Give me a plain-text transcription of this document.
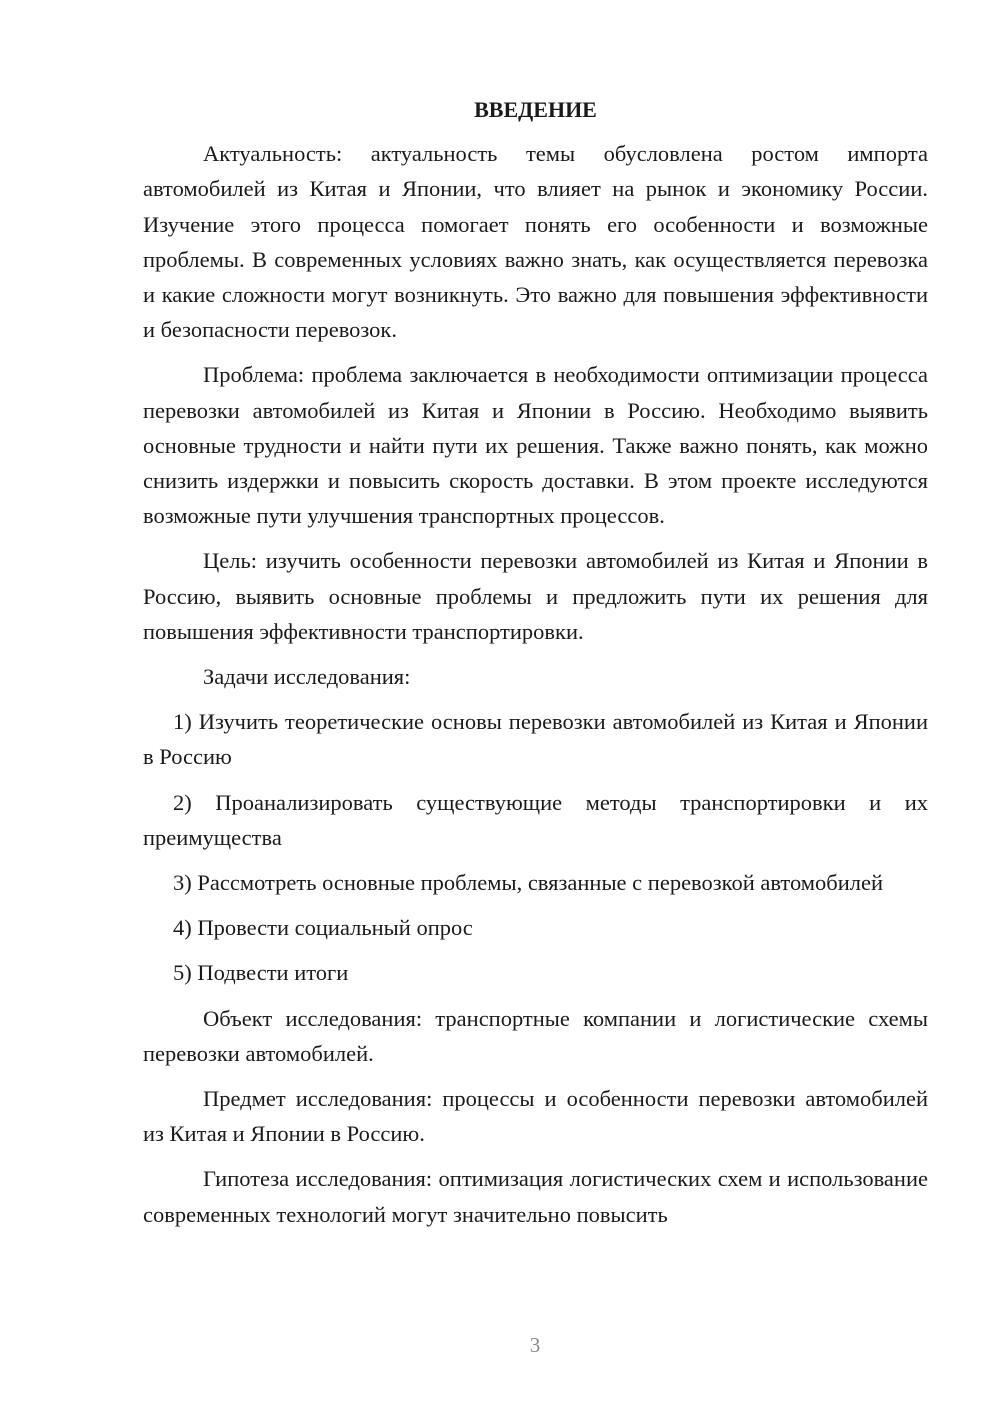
ВВЕДЕНИЕ

Актуальность: актуальность темы обусловлена ростом импорта автомобилей из Китая и Японии, что влияет на рынок и экономику России. Изучение этого процесса помогает понять его особенности и возможные проблемы. В современных условиях важно знать, как осуществляется перевозка и какие сложности могут возникнуть. Это важно для повышения эффективности и безопасности перевозок.

Проблема: проблема заключается в необходимости оптимизации процесса перевозки автомобилей из Китая и Японии в Россию. Необходимо выявить основные трудности и найти пути их решения. Также важно понять, как можно снизить издержки и повысить скорость доставки. В этом проекте исследуются возможные пути улучшения транспортных процессов.

Цель: изучить особенности перевозки автомобилей из Китая и Японии в Россию, выявить основные проблемы и предложить пути их решения для повышения эффективности транспортировки.

Задачи исследования:

1) Изучить теоретические основы перевозки автомобилей из Китая и Японии в Россию

2) Проанализировать существующие методы транспортировки и их преимущества

3) Рассмотреть основные проблемы, связанные с перевозкой автомобилей

4) Провести социальный опрос

5) Подвести итоги

Объект исследования: транспортные компании и логистические схемы перевозки автомобилей.

Предмет исследования: процессы и особенности перевозки автомобилей из Китая и Японии в Россию.

Гипотеза исследования: оптимизация логистических схем и использование современных технологий могут значительно повысить

3
